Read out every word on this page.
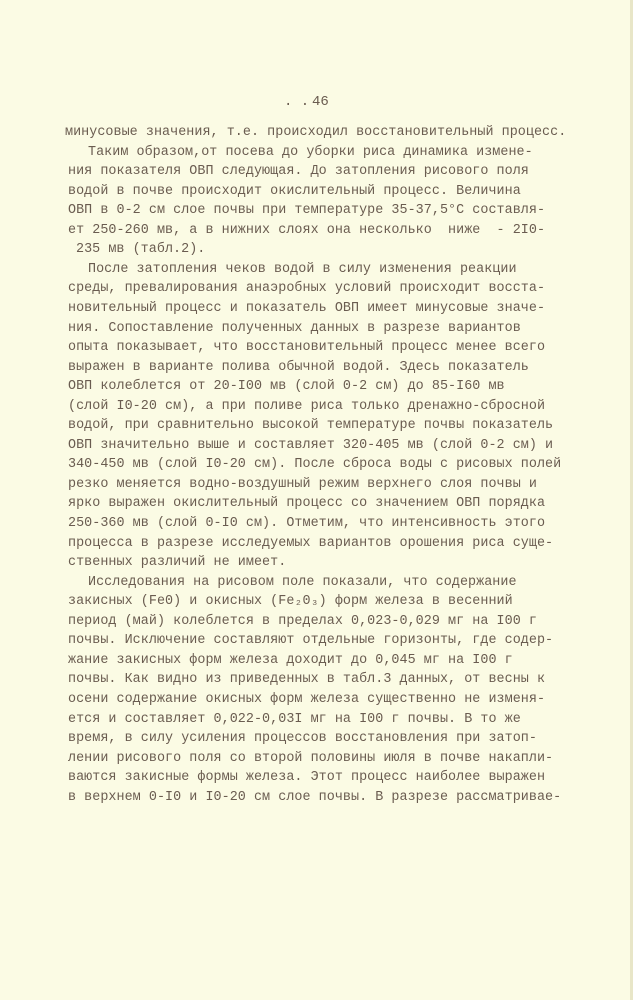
. . 46
минусовые значения, т.е. происходил восстановительный процесс.
Таким образом,от посева до уборки риса динамика измене-
ния показателя ОВП следующая. До затопления рисового поля
водой в почве происходит окислительный процесс. Величина
ОВП в 0-2 см слое почвы при температуре 35-37,5°С составля-
ет 250-260 мв, а в нижних слоях она несколько  ниже  - 2I0-
235 мв (табл.2).
После затопления чеков водой в силу изменения реакции
среды, превалирования анаэробных условий происходит восста-
новительный процесс и показатель ОВП имеет минусовые значе-
ния. Сопоставление полученных данных в разрезе вариантов
опыта показывает, что восстановительный процесс менее всего
выражен в варианте полива обычной водой. Здесь показатель
ОВП колеблется от 20-I00 мв (слой 0-2 см) до 85-I60 мв
(слой I0-20 см), а при поливе риса только дренажно-сбросной
водой, при сравнительно высокой температуре почвы показатель
ОВП значительно выше и составляет 320-405 мв (слой 0-2 см) и
340-450 мв (слой I0-20 см). После сброса воды с рисовых полей
резко меняется водно-воздушный режим верхнего слоя почвы и
ярко выражен окислительный процесс со значением ОВП порядка
250-360 мв (слой 0-I0 см). Отметим, что интенсивность этого
процесса в разрезе исследуемых вариантов орошения риса суще-
ственных различий не имеет.
Исследования на рисовом поле показали, что содержание
закисных (Fe0) и окисных (Fe₂0₃) форм железа в весенний
период (май) колеблется в пределах 0,023-0,029 мг на I00 г
почвы. Исключение составляют отдельные горизонты, где содер-
жание закисных форм железа доходит до 0,045 мг на I00 г
почвы. Как видно из приведенных в табл.3 данных, от весны к
осени содержание окисных форм железа существенно не изменя-
ется и составляет 0,022-0,03I мг на I00 г почвы. В то же
время, в силу усиления процессов восстановления при затоп-
лении рисового поля со второй половины июля в почве накапли-
ваются закисные формы железа. Этот процесс наиболее выражен
в верхнем 0-I0 и I0-20 см слое почвы. В разрезе рассматривае-
